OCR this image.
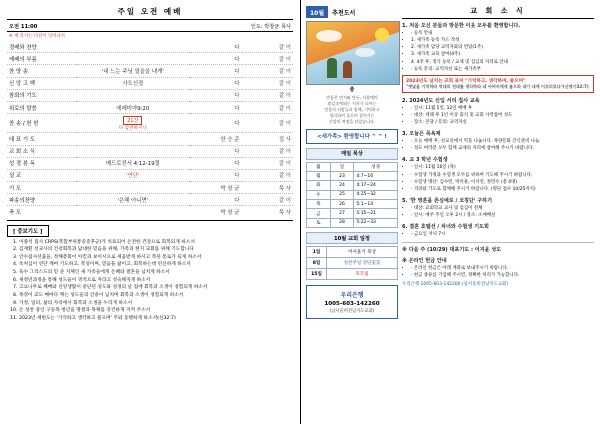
주일 오전 예배
오전 11:00	인도: 박창균 목사
※ 예 복사는 다같이 일어나서
경배와 찬양		다	같 이
예배의 부름		다	같 이
찬 양 송	'내 느는 주님 얼을을 내게'	다	같 이
신 앙 고 백	사도신경	다	같 이
참회의 기도		다	같 이
위로의 말씀	에레미야9:20	다	같 이
찬 송 / 헌 헌	21장
다 감찬하시니	다	같 이
대 표 기 도		한 승 준	집 사
교 회 소 식		다	같 이
성 경 봉 독	메드로전서 4:12-19절	다	같 이
설 교	'연단'	다	같 이
기 도		박 창 균	목 사
파송의찬양	'은혜 아니면'	다	같 이
축 도		박 창 균	목 사
[ 중보기도 ]
1. 이종석 집사 CRPS(복합부위통증증후군)가 치료되어 온전한 건강으로 회복되게 하소서
2. 김재환 선교사의 건강회복과 담대한 믿음을 위해, 가족과 현지 교회를 위해 기도합니다
3. 안수집사선출을, 정해총회이 아킨과 보이시으로 세움받게 하시고 복된 통로가 되게 하소서
4. 옥처심이 연단 깨여 기도하고, 복성이며, 믿음을 삶이고, 회복하는데 민신하게 하소서
5. 육수 그리스도의 믿 준 지체인 새 가족들에게 온혜와 결혼을 넘치게 하소서
6. 새정년과정을 통해 성도들이 영적으로 자라고 성숙해지게 하소서
7. 고요나무로 째배와 신앙생활이 중단된 성도와 성경의 날 집에 회복과 소생이 경험되게 하소서
8. 목정이 교도 메마다 깨는 성도들의 간중이 넘치며 회복과 소생이 경험되게 하소서
9. 가정, 일터, 삶의 자리에서 회복과 소생을 누리게 하소서
10. 온 성찬 중인 구동목 청년을 명결과 목체를 강건하게 지켜 주소서
11. 2023년 세변도는 '기억하고 생각하고 물으며' 주와 동행하게 하소서(신32:7)
10월	추천도서
충
믿음은 먼저와 만든, 사랑에의
외김속예외는 저자가 되어는
믿음의 사람들과 함께, 기억하고
생각하며 물으며 결어가는
신앙의 여정을 담았습니다.
<새가족> 환영합니다 ^ ^ !
매일 묵상
월	일	성경
월	23	4:7~16
화	24	4:17~24
수	25	4:25~32
목	26	5:1~14
금	27	5:15~21
토	28	5:22~33
10월 교회 일정
1일	어서울기 묵상
8일	성찬주일 강단꽃꽂
15일	회복월
우리은행
1005-603-142260
(남서울비전남지도교회)
교 회 소 식
1. 처음 오신 분들과 방문한 이웃 모두를 환영합니다.
• · 등록 안내
• 1. 새가족 등록 카드 작성
• 2. 새가족 담당 교역자와의 면담(1주)
• 3. 새가족 교육 참여(4주)
• 4. 4주 후, 정식 등록 / 교제 및 섬김의 자리로 안내
• · 등록 문의: 교역자실 또는 새가족부
2023년도 넘치는 교회 표어 "기억하고, 생각하며, 물으며"
"옛날을 기억하라 역대의 연대를 생각하라 네 아버지에게 물으라 네가 네게 이르리로다"(신명기32:7)
2. 2024년도 신입 서리 집사 교육
• · 일시: 11월 5일, 12일 예배 후
• · 대상: 세례 후 1년 이상 출석 및 교회 사역참여 성도
• · 장소: 본당 / 문의: 교역자실
3. 오늘은 목욕제
• · 오늘 예배 후, 친교실에서 떡을 나눕니다. 목양문화 간식준비 나눔
• · 성도 여러분 모두 함께 교제의 자리에 참여해 주시기 바랍니다.
4. 교 3 학년 수험생
• · 일시: 11월 16일 (목)
• · 수험생 가정과 수험생 모두를 위하여 기도해 주시기 바랍니다.
• · 수험생 명단: 김수민, 박지훈, 이서연, 정민수 (총 4명)
• · 격려와 기도로 함께해 주시기 바랍니다. (명단 접수 10/25까지)
5. '한 영혼을 존심예로 / 코칭단' 구하기
• · 대상: 교회학교 교사 및 섬김이 전체
• · 일시: 매주 주일 오후 2시 / 장소: 소예배실
6. 결혼 호텔선 / 차녀와 수험생 기도회
• - 금요일 저녁 7시
※ 다음 주 (10/29) 대표기도 : 이지윤 성도
※ 온라인 헌금 안내
• · 온라인 헌금은 아래 계좌로 보내주시기 바랍니다.
• · 헌금 종류를 기입해 주시면, 정확한 처리가 가능합니다.

우리은행 1005-603-142260 (남서울비전남지도교회)
